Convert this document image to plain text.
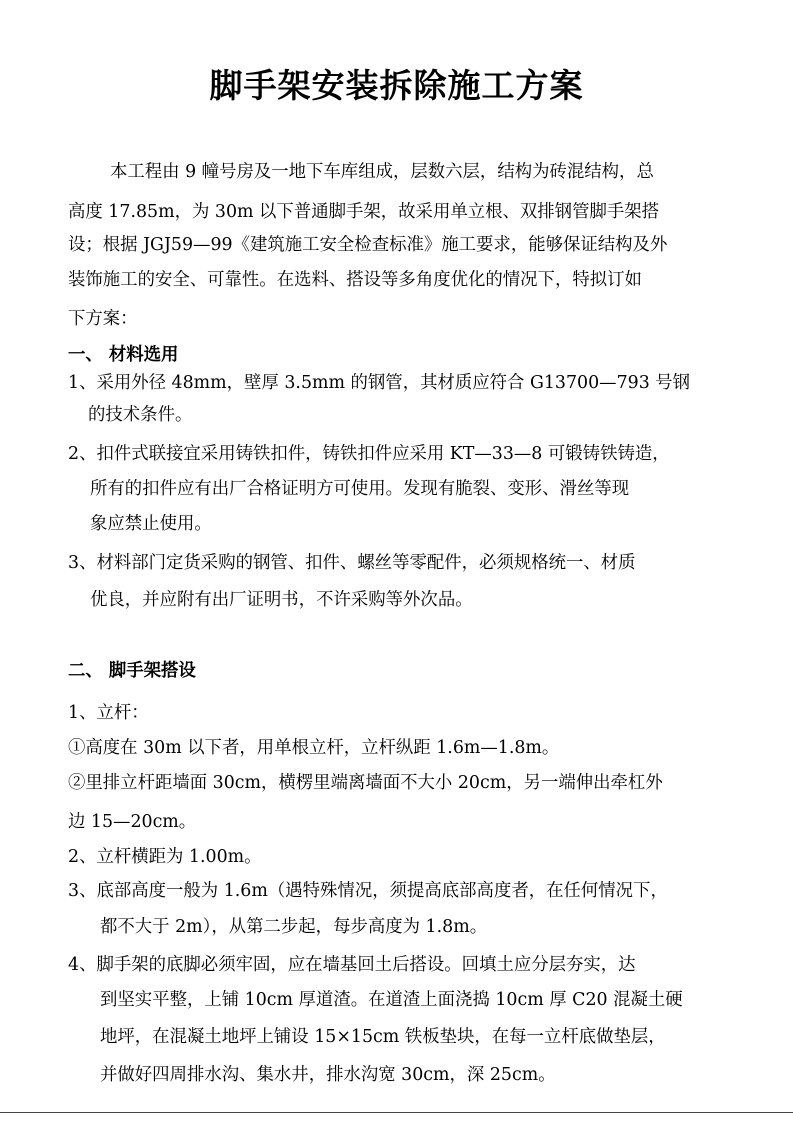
脚手架安装拆除施工方案
本工程由 9 幢号房及一地下车库组成，层数六层，结构为砖混结构，总
高度 17.85m，为 30m 以下普通脚手架，故采用单立根、双排钢管脚手架搭
设；根据 JGJ59—99《建筑施工安全检查标准》施工要求，能够保证结构及外
装饰施工的安全、可靠性。在选料、搭设等多角度优化的情况下，特拟订如
下方案：
一、 材料选用
1、采用外径 48mm，壁厚 3.5mm 的钢管，其材质应符合 G13700—793 号钢
的技术条件。
2、扣件式联接宜采用铸铁扣件，铸铁扣件应采用 KT—33—8 可锻铸铁铸造，
所有的扣件应有出厂合格证明方可使用。发现有脆裂、变形、滑丝等现
象应禁止使用。
3、材料部门定货采购的钢管、扣件、螺丝等零配件，必须规格统一、材质
优良，并应附有出厂证明书，不许采购等外次品。
二、 脚手架搭设
1、立杆：
①高度在 30m 以下者，用单根立杆，立杆纵距 1.6m—1.8m。
②里排立杆距墙面 30cm，横楞里端离墙面不大小 20cm，另一端伸出牵杠外
边 15—20cm。
2、立杆横距为 1.00m。
3、底部高度一般为 1.6m（遇特殊情况，须提高底部高度者，在任何情况下，
都不大于 2m），从第二步起，每步高度为 1.8m。
4、脚手架的底脚必须牢固，应在墙基回土后搭设。回填土应分层夯实，达
到坚实平整，上铺 10cm 厚道渣。在道渣上面浇捣 10cm 厚 C20 混凝土硬
地坪，在混凝土地坪上铺设 15×15cm 铁板垫块，在每一立杆底做垫层，
并做好四周排水沟、集水井，排水沟宽 30cm，深 25cm。
